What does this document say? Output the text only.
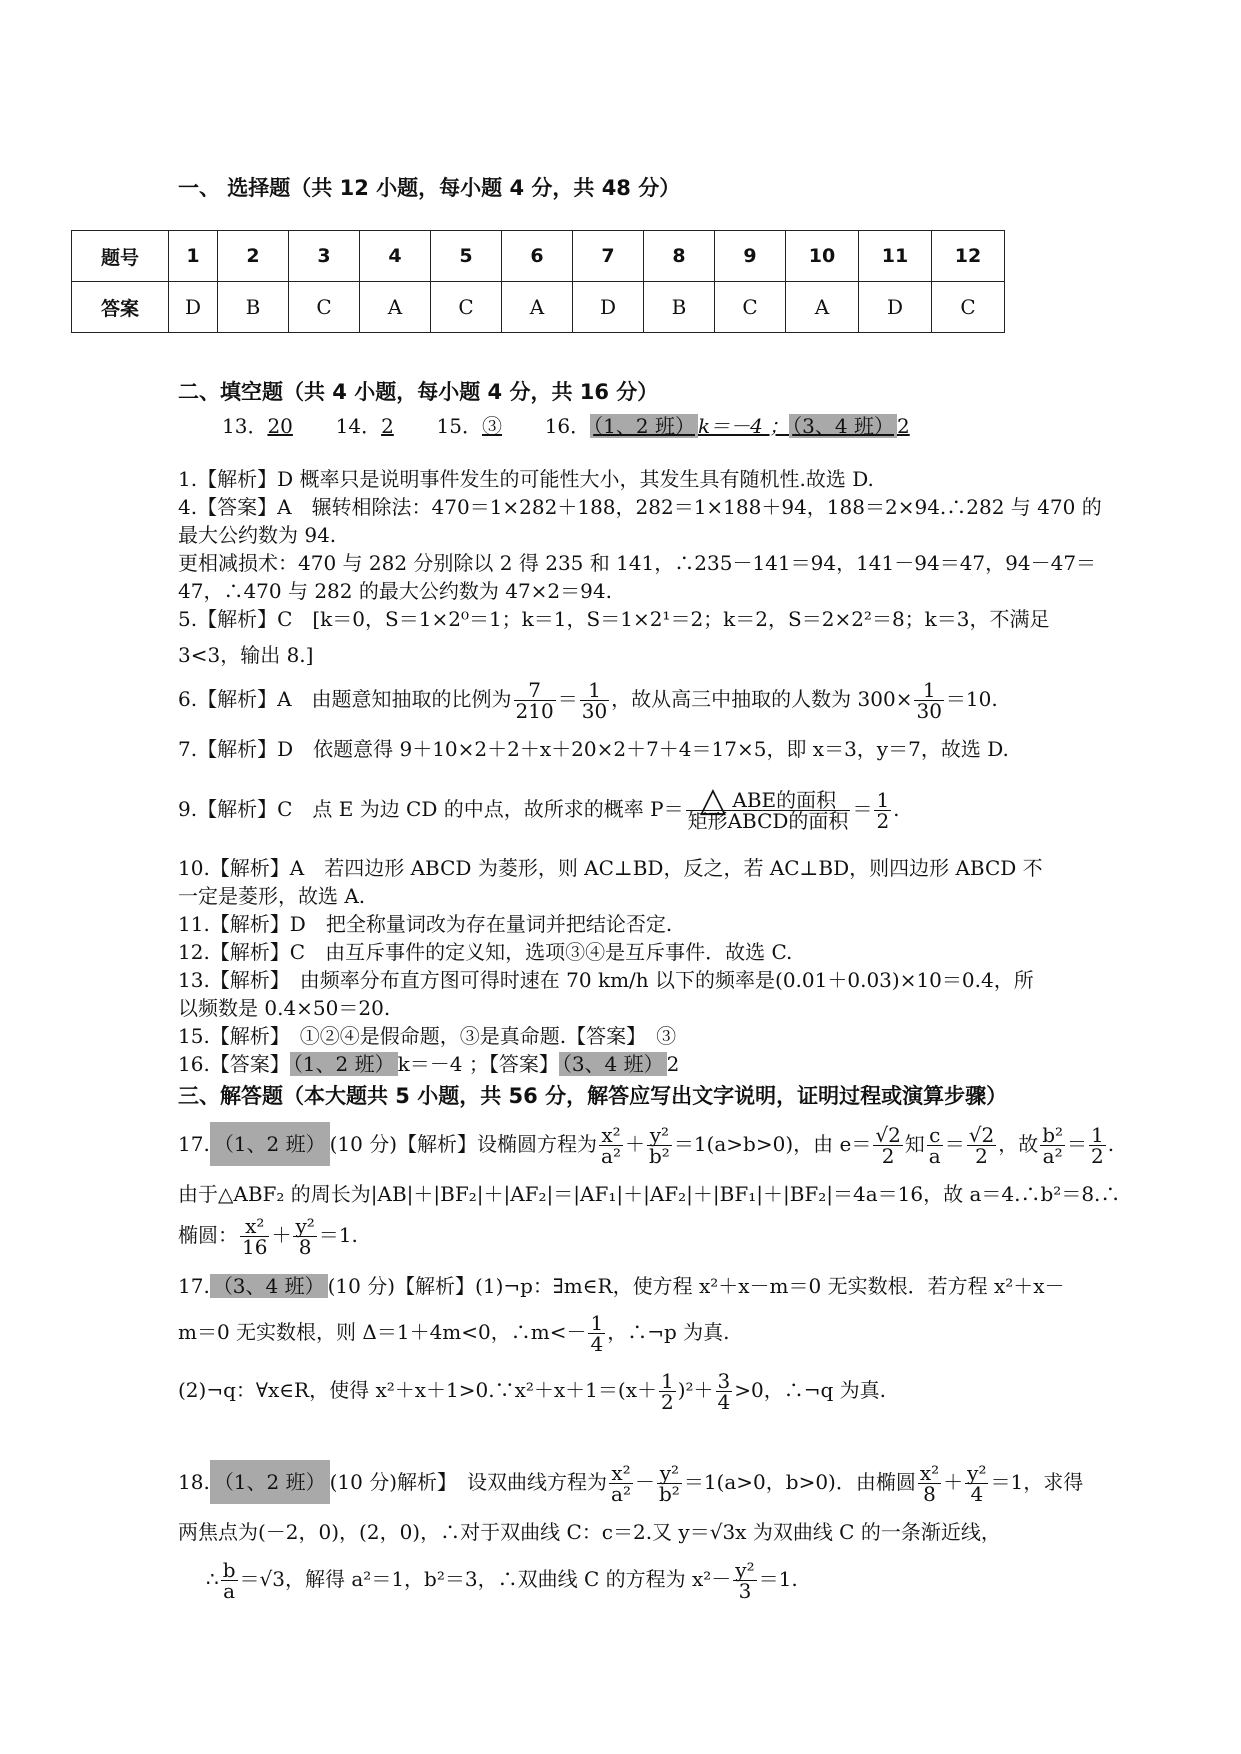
一、 选择题（共 12 小题，每小题 4 分，共 48 分）
题号	1	2	3	4	5	6	7	8	9	10	11	12
答案	D	B	C	A	C	A	D	B	C	A	D	C
二、填空题（共 4 小题，每小题 4 分，共 16 分）
13．20 14．2 15．③ 16． （1、2 班） k＝－4 ； （3、4 班） 2
1.【解析】D 概率只是说明事件发生的可能性大小，其发生具有随机性.故选 D.
4.【答案】A　辗转相除法：470＝1×282＋188，282＝1×188＋94，188＝2×94.∴282 与 470 的
最大公约数为 94.
更相减损术：470 与 282 分别除以 2 得 235 和 141，∴235－141＝94，141－94＝47，94－47＝
47，∴470 与 282 的最大公约数为 47×2＝94.
5.【解析】C　[k＝0，S＝1×2⁰＝1；k＝1，S＝1×2¹＝2；k＝2，S＝2×2²＝8；k＝3，不满足
3<3，输出 8.]
6.【解析】A　由题意知抽取的比例为 $\frac{7}{210} = \frac{1}{30}$ ，故从高三中抽取的人数为 $300\times \frac{1}{30} =10$.
7.【解析】D　依题意得 9＋10×2＋2＋x＋20×2＋7＋4＝17×5，即 x＝3，y＝7，故选 D.
9.【解析】C　点 E 为边 CD 的中点，故所求的概率 $P= \frac{\text{△ ABE的面积}}{\text{矩形ABCD的面积}} = \frac{1}{2}$ .
10.【解析】A　若四边形 ABCD 为菱形，则 AC⊥BD，反之，若 AC⊥BD，则四边形 ABCD 不
一定是菱形，故选 A.
11.【解析】D　把全称量词改为存在量词并把结论否定.
12.【解析】C　由互斥事件的定义知，选项③④是互斥事件．故选 C.
13.【解析】　由频率分布直方图可得时速在 70 km/h 以下的频率是(0.01＋0.03)×10＝0.4，所
以频数是 0.4×50＝20.
15.【解析】　①②④是假命题，③是真命题.【答案】　③
16.【答案】 （1、2 班） k＝－4 ；【答案】 （3、4 班） 2
三、解答题（本大题共 5 小题，共 56 分，解答应写出文字说明，证明过程或演算步骤）
17. （1、2 班） (10 分)【解析】设椭圆方程为 $\frac{\text{x²}}{\text{a²}} + \frac{\text{y²}}{\text{b²}} =1(a>b>0)$，由 $e= \frac{√2}{2}$ 知 $\frac{c}{a} = \frac{√2}{2}$ ，故 $\frac{\text{b²}}{\text{a²}} = \frac{1}{2}$ .
由于△ABF₂ 的周长为|AB|＋|BF₂|＋|AF₂|＝|AF₁|＋|AF₂|＋|BF₁|＋|BF₂|＝4a＝16，故 a＝4.∴b²＝8.∴
椭圆： $\frac{\text{x²}}{16} + \frac{\text{y²}}{8} =1$.
17. （3、4 班） (10 分)【解析】(1)¬p：∃m∈R，使方程 x²＋x－m＝0 无实数根．若方程 x²＋x－
m＝0 无实数根，则 Δ＝1＋4m<0，∴m<－ $\frac{1}{4}$ ，∴¬p 为真.
(2)¬q：∀x∈R，使得 x²＋x＋1>0.∵x²＋x＋1＝(x＋ $\frac{1}{2} )^2+ \frac{3}{4} >0$，∴¬q 为真.
18. （1、2 班） (10 分)解析】　设双曲线方程为 $\frac{\text{x²}}{\text{a²}} - \frac{\text{y²}}{\text{b²}} =1(a>0$，b>0)．由椭圆 $\frac{\text{x²}}{8} + \frac{\text{y²}}{4} =1$，求得
两焦点为(－2，0)，(2，0)，∴对于双曲线 C：c＝2.又 y＝√3x 为双曲线 C 的一条渐近线，
∴ $\frac{b}{a} =√3$，解得 a²＝1，b²＝3，∴双曲线 C 的方程为 $x^2- \frac{\text{y²}}{3} =1$.
